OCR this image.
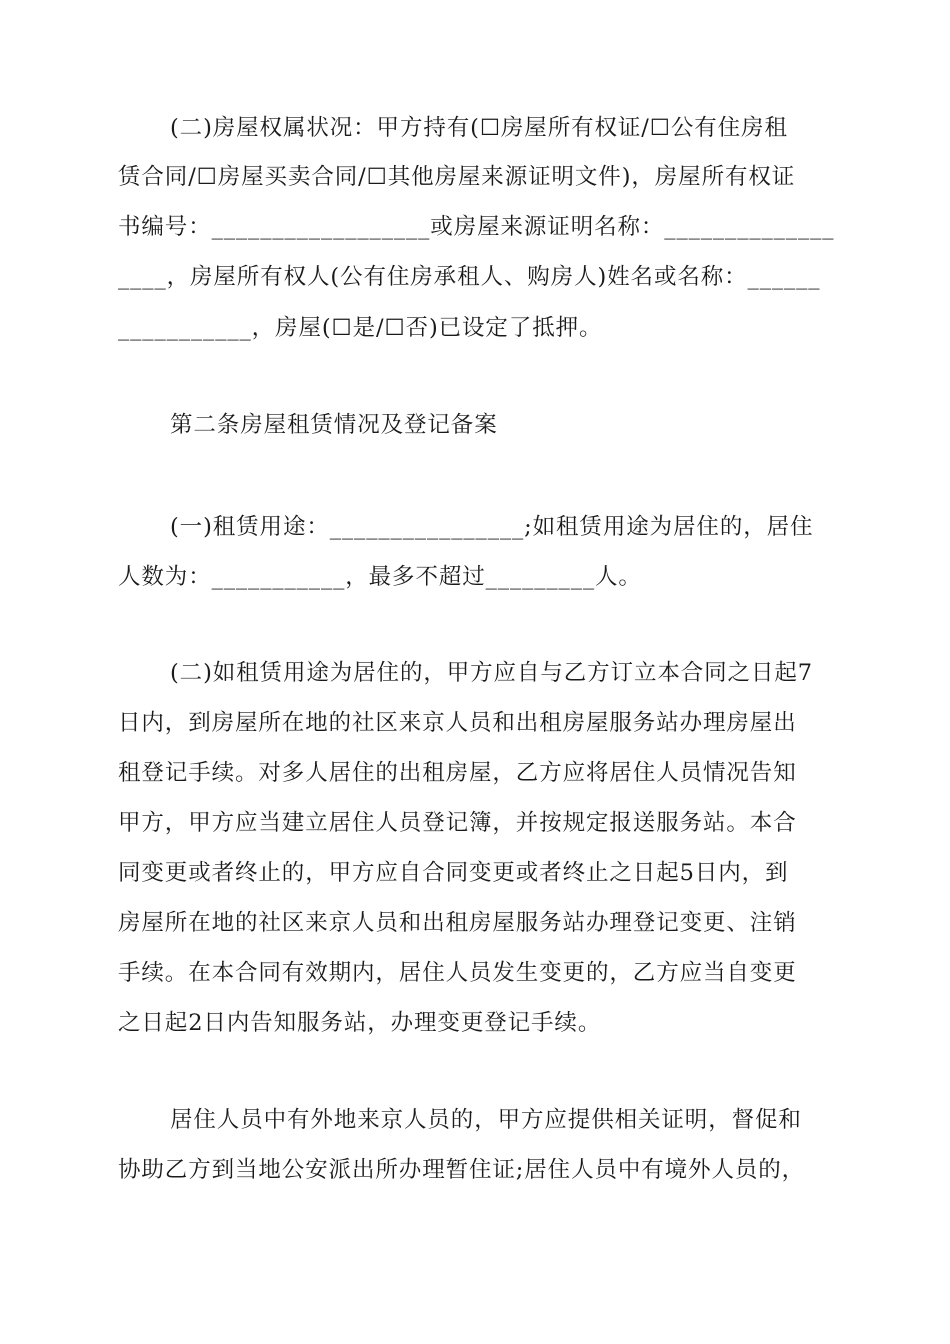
(二)房屋权属状况：甲方持有(☐房屋所有权证/☐公有住房租
赁合同/☐房屋买卖合同/☐其他房屋来源证明文件)，房屋所有权证
书编号：__________________或房屋来源证明名称：______________
____，房屋所有权人(公有住房承租人、购房人)姓名或名称：______
___________，房屋(☐是/☐否)已设定了抵押。
第二条房屋租赁情况及登记备案
(一)租赁用途：________________;如租赁用途为居住的，居住
人数为：___________，最多不超过_________人。
(二)如租赁用途为居住的，甲方应自与乙方订立本合同之日起7
日内，到房屋所在地的社区来京人员和出租房屋服务站办理房屋出
租登记手续。对多人居住的出租房屋，乙方应将居住人员情况告知
甲方，甲方应当建立居住人员登记簿，并按规定报送服务站。本合
同变更或者终止的，甲方应自合同变更或者终止之日起5日内，到
房屋所在地的社区来京人员和出租房屋服务站办理登记变更、注销
手续。在本合同有效期内，居住人员发生变更的，乙方应当自变更
之日起2日内告知服务站，办理变更登记手续。
居住人员中有外地来京人员的，甲方应提供相关证明，督促和
协助乙方到当地公安派出所办理暂住证;居住人员中有境外人员的，
